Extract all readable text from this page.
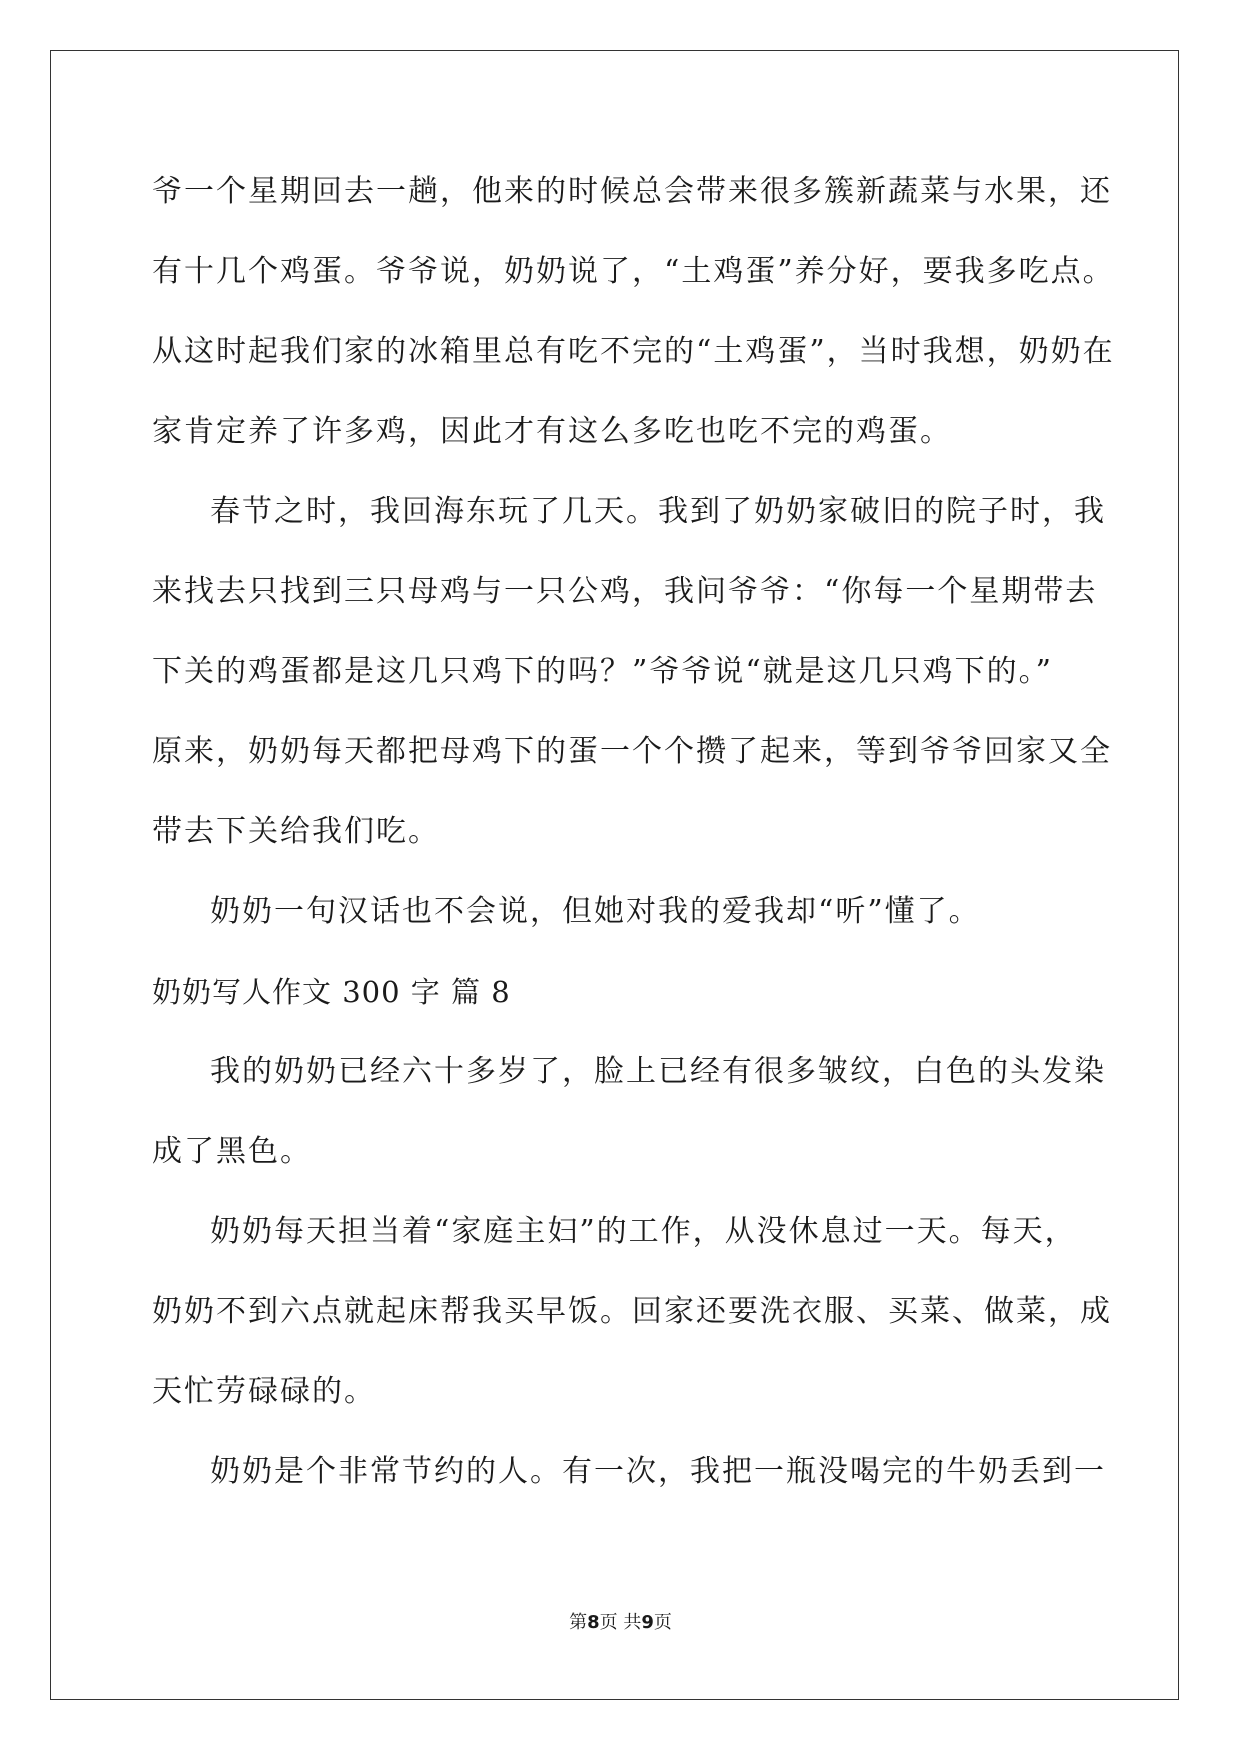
爷一个星期回去一趟，他来的时候总会带来很多簇新蔬菜与水果，还
有十几个鸡蛋。爷爷说，奶奶说了，“土鸡蛋”养分好，要我多吃点。
从这时起我们家的冰箱里总有吃不完的“土鸡蛋”，当时我想，奶奶在
家肯定养了许多鸡，因此才有这么多吃也吃不完的鸡蛋。
春节之时，我回海东玩了几天。我到了奶奶家破旧的院子时，我
来找去只找到三只母鸡与一只公鸡，我问爷爷：“你每一个星期带去
下关的鸡蛋都是这几只鸡下的吗？”爷爷说“就是这几只鸡下的。”
原来，奶奶每天都把母鸡下的蛋一个个攒了起来，等到爷爷回家又全
带去下关给我们吃。
奶奶一句汉话也不会说，但她对我的爱我却“听”懂了。
奶奶写人作文 300 字 篇 8
我的奶奶已经六十多岁了，脸上已经有很多皱纹，白色的头发染
成了黑色。
奶奶每天担当着“家庭主妇”的工作，从没休息过一天。每天，
奶奶不到六点就起床帮我买早饭。回家还要洗衣服、买菜、做菜，成
天忙劳碌碌的。
奶奶是个非常节约的人。有一次，我把一瓶没喝完的牛奶丢到一
第8页 共9页
